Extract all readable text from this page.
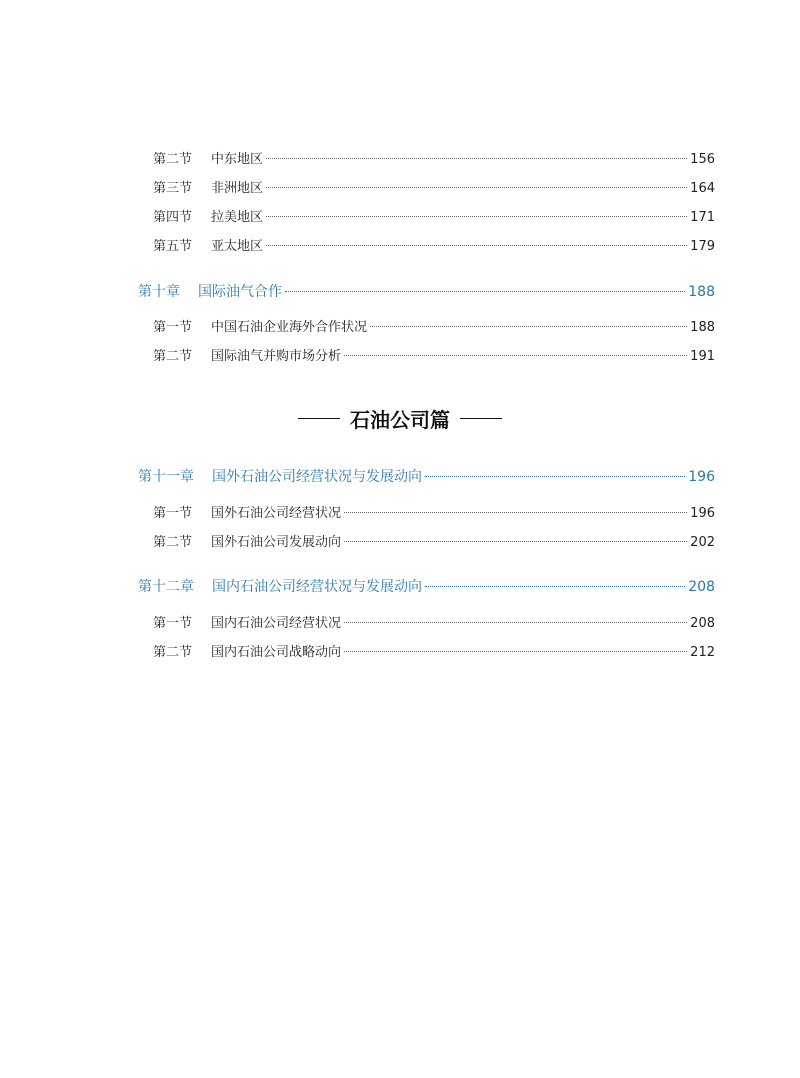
第二节	中东地区	156
第三节	非洲地区	164
第四节	拉美地区	171
第五节	亚太地区	179
第十章 国际油气合作	188
第一节	中国石油企业海外合作状况	188
第二节	国际油气并购市场分析	191
石油公司篇
第十一章 国外石油公司经营状况与发展动向	196
第一节	国外石油公司经营状况	196
第二节	国外石油公司发展动向	202
第十二章 国内石油公司经营状况与发展动向	208
第一节	国内石油公司经营状况	208
第二节	国内石油公司战略动向	212
